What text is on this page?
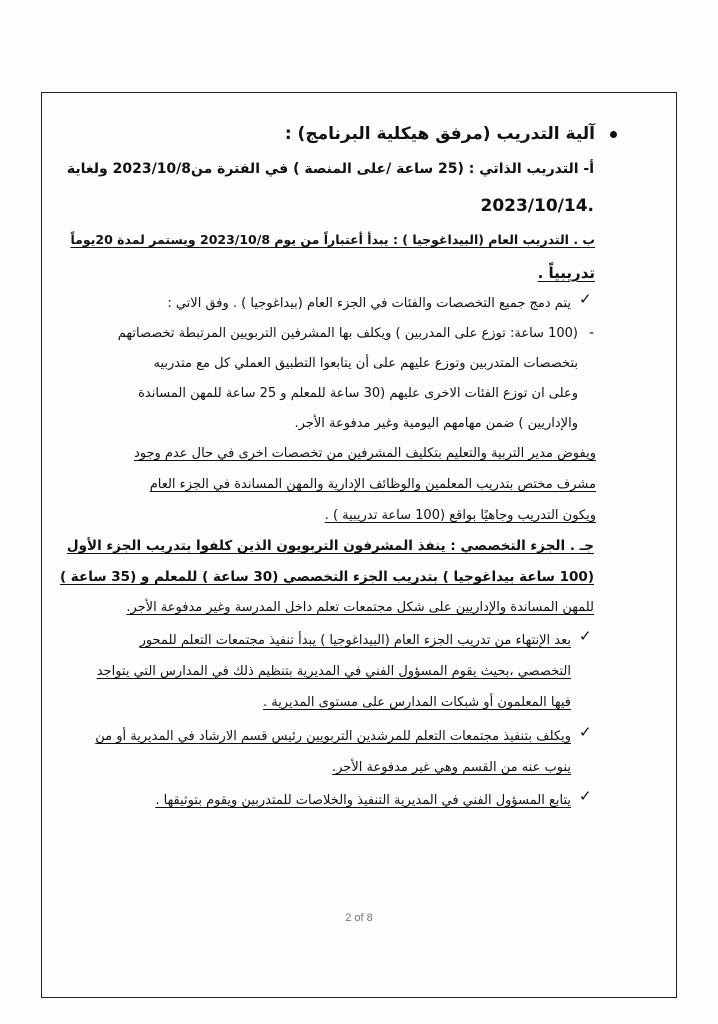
آلية التدريب (مرفق هيكلية البرنامج) :
أ- التدريب الذاتي : (25 ساعة /على المنصة ) في الفترة من2023/10/8 ولغاية
.2023/10/14
ب . التدريب العام (البيداغوجيا ) : يبدأ أعتباراً من يوم 2023/10/8 ويستمر لمدة 20يوماً
تدريبياً .
✓
يتم دمج جميع التخصصات والفئات في الجزء العام (بيداغوجيا ) . وفق الاتي :
-
(100 ساعة: توزع على المدربين ) ويكلف بها المشرفين التربويين المرتبطة تخصصاتهم
بتخصصات المتدربين وتوزع عليهم على أن يتابعوا التطبيق العملي كل مع متدربيه
وعلى ان توزع الفئات الاخرى عليهم (30 ساعة للمعلم و 25 ساعة للمهن المساندة
والإداريين ) ضمن مهامهم اليومية وغير مدفوعة الأجر.
ويفوض مدير التربية والتعليم بتكليف المشرفين من تخصصات اخرى في حال عدم وجود
مشرف مختص بتدريب المعلمين والوظائف الإدارية والمهن المساندة في الجزء العام
ويكون التدريب وجاهيًا بواقع (100 ساعة تدريبية ) .
جـ . الجزء التخصصي : ينفذ المشرفون التربويون الذين كلفوا بتدريب الجزء الأول
(100 ساعة بيداغوجيا ) بتدريب الجزء التخصصي (30 ساعة ) للمعلم و (35 ساعة )
للمهن المساندة والإداريين على شكل مجتمعات تعلم داخل المدرسة وغير مدفوعة الأجر.
✓
بعد الإنتهاء من تدريب الجزء العام (البيداغوجيا ) يبدأ تنفيذ مجتمعات التعلم للمحور
التخصصي ،بحيث يقوم المسؤول الفني في المديرية بتنظيم ذلك في المدارس التي يتواجد
فيها المعلمون أو شبكات المدارس على مستوى المديرية .
✓
ويكلف بتنفيذ مجتمعات التعلم للمرشدين التربويين رئيس قسم الارشاد في المديرية أو من
ينوب عنه من القسم وهي غير مدفوعة الأجر.
✓
يتابع المسؤول الفني في المديرية التنفيذ والخلاصات للمتدربين ويقوم بتوثيقها .
2 of 8
